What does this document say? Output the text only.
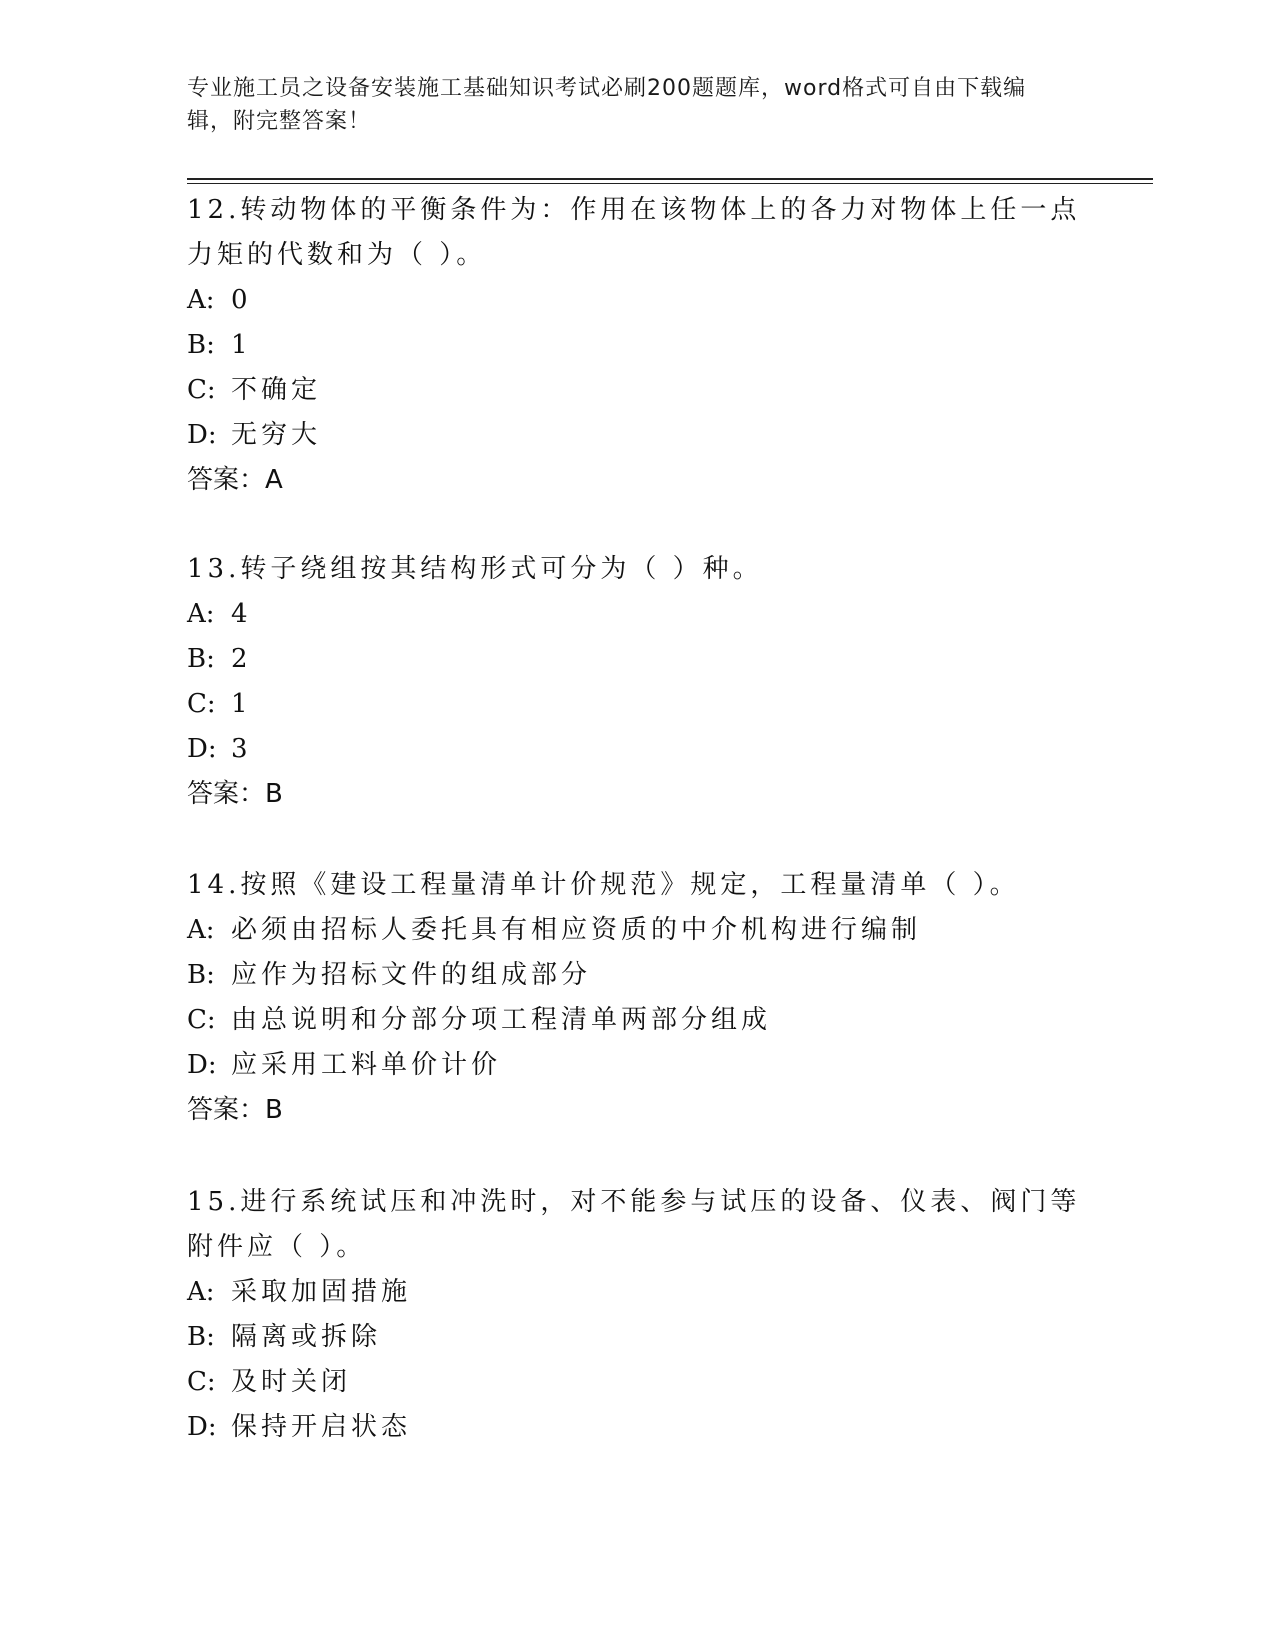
专业施工员之设备安装施工基础知识考试必刷200题题库，word格式可自由下载编辑，附完整答案！

12.转动物体的平衡条件为：作用在该物体上的各力对物体上任一点力矩的代数和为（ ）。

A: 0

B: 1

C: 不确定

D: 无穷大

答案：A

13.转子绕组按其结构形式可分为（ ）种。

A: 4

B: 2

C: 1

D: 3

答案：B

14.按照《建设工程量清单计价规范》规定，工程量清单（ ）。

A: 必须由招标人委托具有相应资质的中介机构进行编制

B: 应作为招标文件的组成部分

C: 由总说明和分部分项工程清单两部分组成

D: 应采用工料单价计价

答案：B

15.进行系统试压和冲洗时，对不能参与试压的设备、仪表、阀门等附件应（ ）。

A: 采取加固措施

B: 隔离或拆除

C: 及时关闭

D: 保持开启状态
